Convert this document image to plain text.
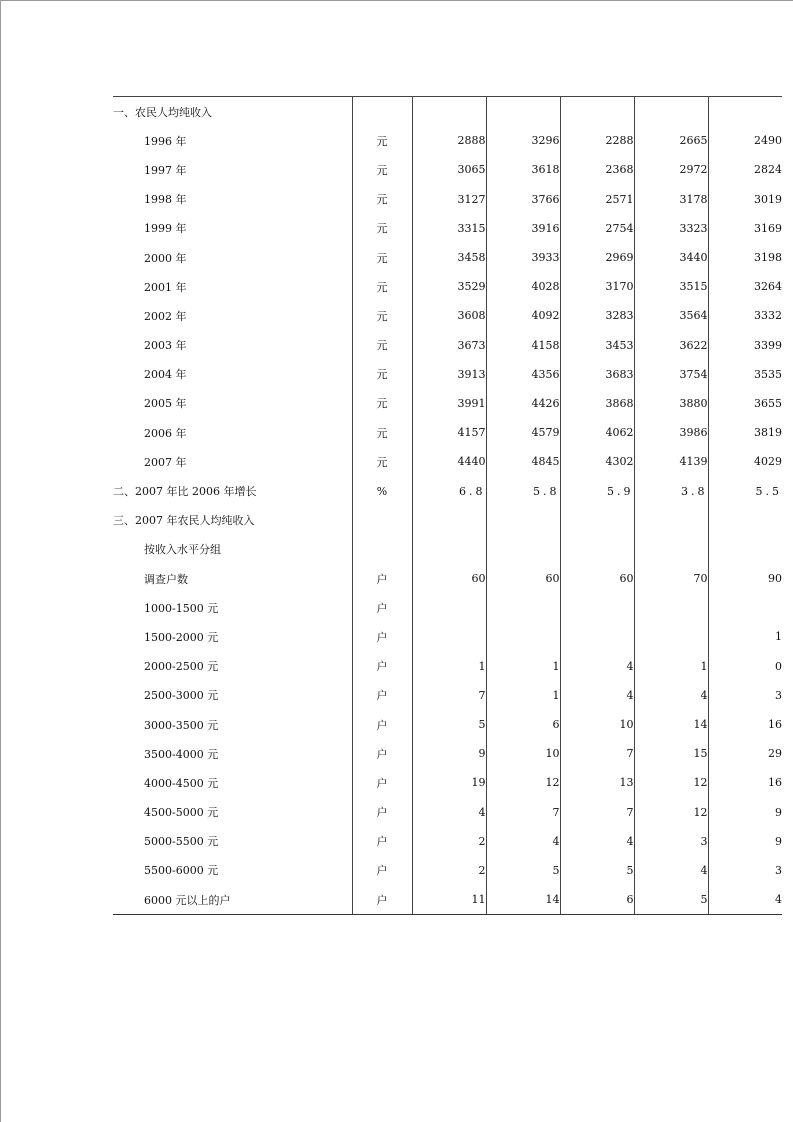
一、农民人均纯收入						
1996 年	元	2888	3296	2288	2665	2490
1997 年	元	3065	3618	2368	2972	2824
1998 年	元	3127	3766	2571	3178	3019
1999 年	元	3315	3916	2754	3323	3169
2000 年	元	3458	3933	2969	3440	3198
2001 年	元	3529	4028	3170	3515	3264
2002 年	元	3608	4092	3283	3564	3332
2003 年	元	3673	4158	3453	3622	3399
2004 年	元	3913	4356	3683	3754	3535
2005 年	元	3991	4426	3868	3880	3655
2006 年	元	4157	4579	4062	3986	3819
2007 年	元	4440	4845	4302	4139	4029
二、2007 年比 2006 年增长	%	6.8	5.8	5.9	3.8	5.5
三、2007 年农民人均纯收入						
按收入水平分组						
调查户数	户	60	60	60	70	90
1000-1500 元	户					
1500-2000 元	户					1
2000-2500 元	户	1	1	4	1	0
2500-3000 元	户	7	1	4	4	3
3000-3500 元	户	5	6	10	14	16
3500-4000 元	户	9	10	7	15	29
4000-4500 元	户	19	12	13	12	16
4500-5000 元	户	4	7	7	12	9
5000-5500 元	户	2	4	4	3	9
5500-6000 元	户	2	5	5	4	3
6000 元以上的户	户	11	14	6	5	4
